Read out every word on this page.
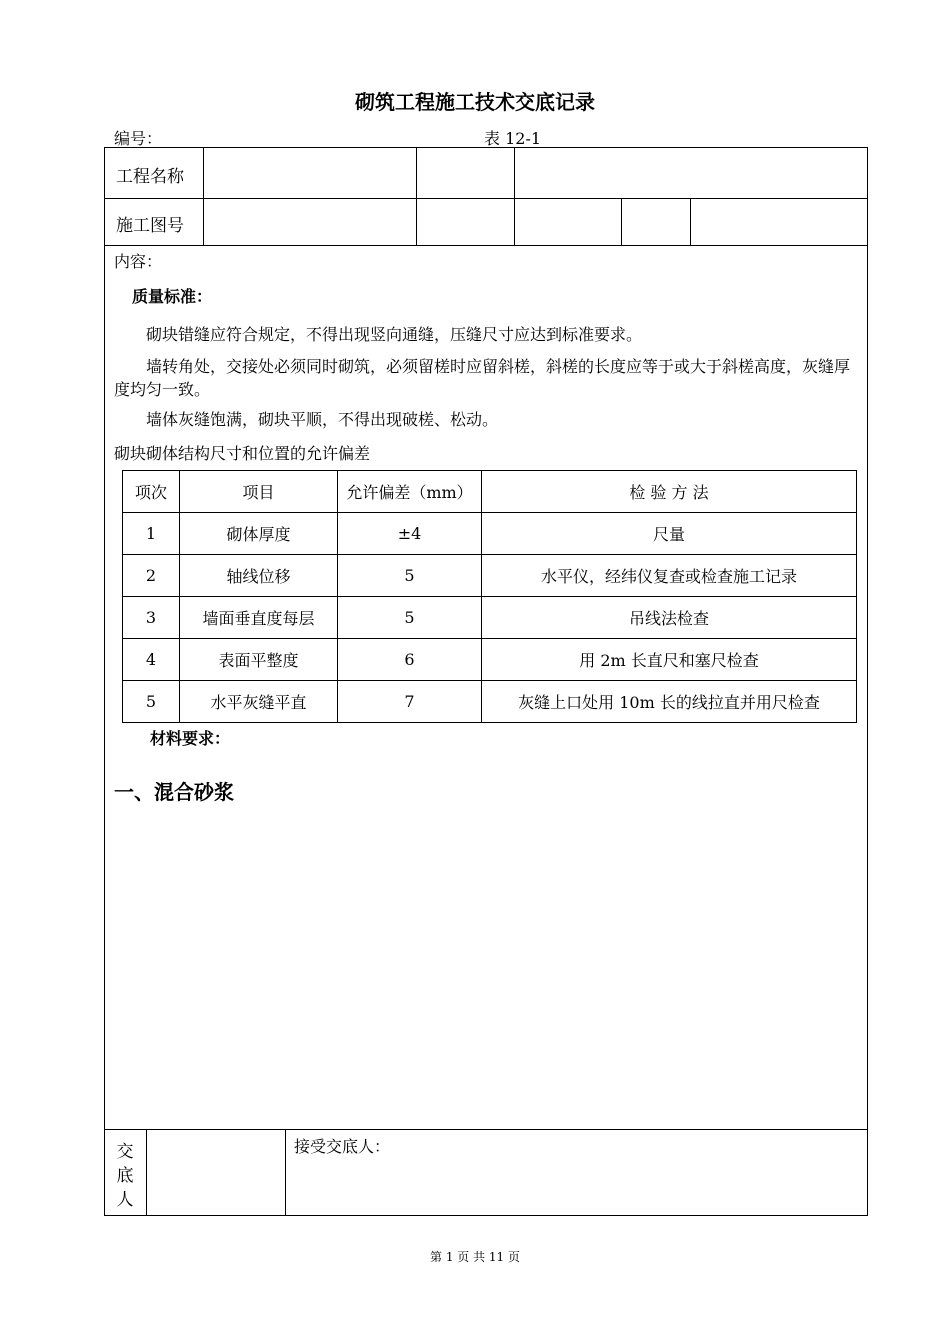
砌筑工程施工技术交底记录
编号：	表 12-1
工程名称
施工图号
内容：
质量标准：
砌块错缝应符合规定，不得出现竖向通缝，压缝尺寸应达到标准要求。
墙转角处，交接处必须同时砌筑，必须留槎时应留斜槎，斜槎的长度应等于或大于斜槎高度，灰缝厚度均匀一致。
墙体灰缝饱满，砌块平顺，不得出现破槎、松动。
砌块砌体结构尺寸和位置的允许偏差
项次	项目	允许偏差（mm）	检 验 方 法
1	砌体厚度	±4	尺量
2	轴线位移	5	水平仪，经纬仪复查或检查施工记录
3	墙面垂直度每层	5	吊线法检查
4	表面平整度	6	用 2m 长直尺和塞尺检查
5	水平灰缝平直	7	灰缝上口处用 10m 长的线拉直并用尺检查
材料要求：
一、混合砂浆
交底人
接受交底人：
第 1 页 共 11 页
